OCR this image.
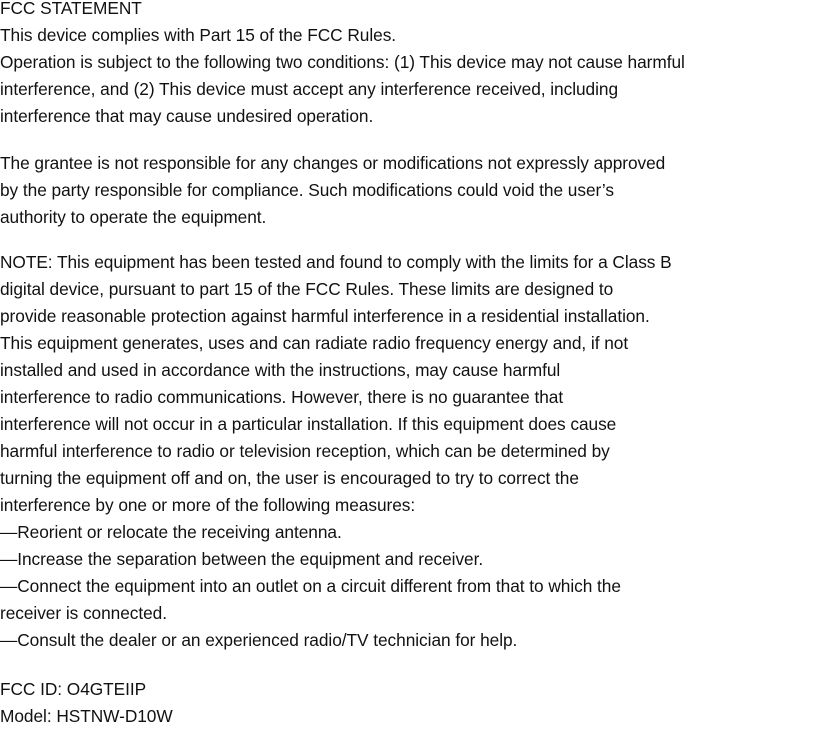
FCC STATEMENT
This device complies with Part 15 of the FCC Rules.
Operation is subject to the following two conditions: (1) This device may not cause harmful
interference, and (2) This device must accept any interference received, including
interference that may cause undesired operation.
The grantee is not responsible for any changes or modifications not expressly approved
by the party responsible for compliance. Such modifications could void the user’s
authority to operate the equipment.
NOTE: This equipment has been tested and found to comply with the limits for a Class B
digital device, pursuant to part 15 of the FCC Rules. These limits are designed to
provide reasonable protection against harmful interference in a residential installation.
This equipment generates, uses and can radiate radio frequency energy and, if not
installed and used in accordance with the instructions, may cause harmful
interference to radio communications. However, there is no guarantee that
interference will not occur in a particular installation. If this equipment does cause
harmful interference to radio or television reception, which can be determined by
turning the equipment off and on, the user is encouraged to try to correct the
interference by one or more of the following measures:
—Reorient or relocate the receiving antenna.
—Increase the separation between the equipment and receiver.
—Connect the equipment into an outlet on a circuit different from that to which the
receiver is connected.
—Consult the dealer or an experienced radio/TV technician for help.
FCC ID: O4GTEIIP
Model: HSTNW-D10W
